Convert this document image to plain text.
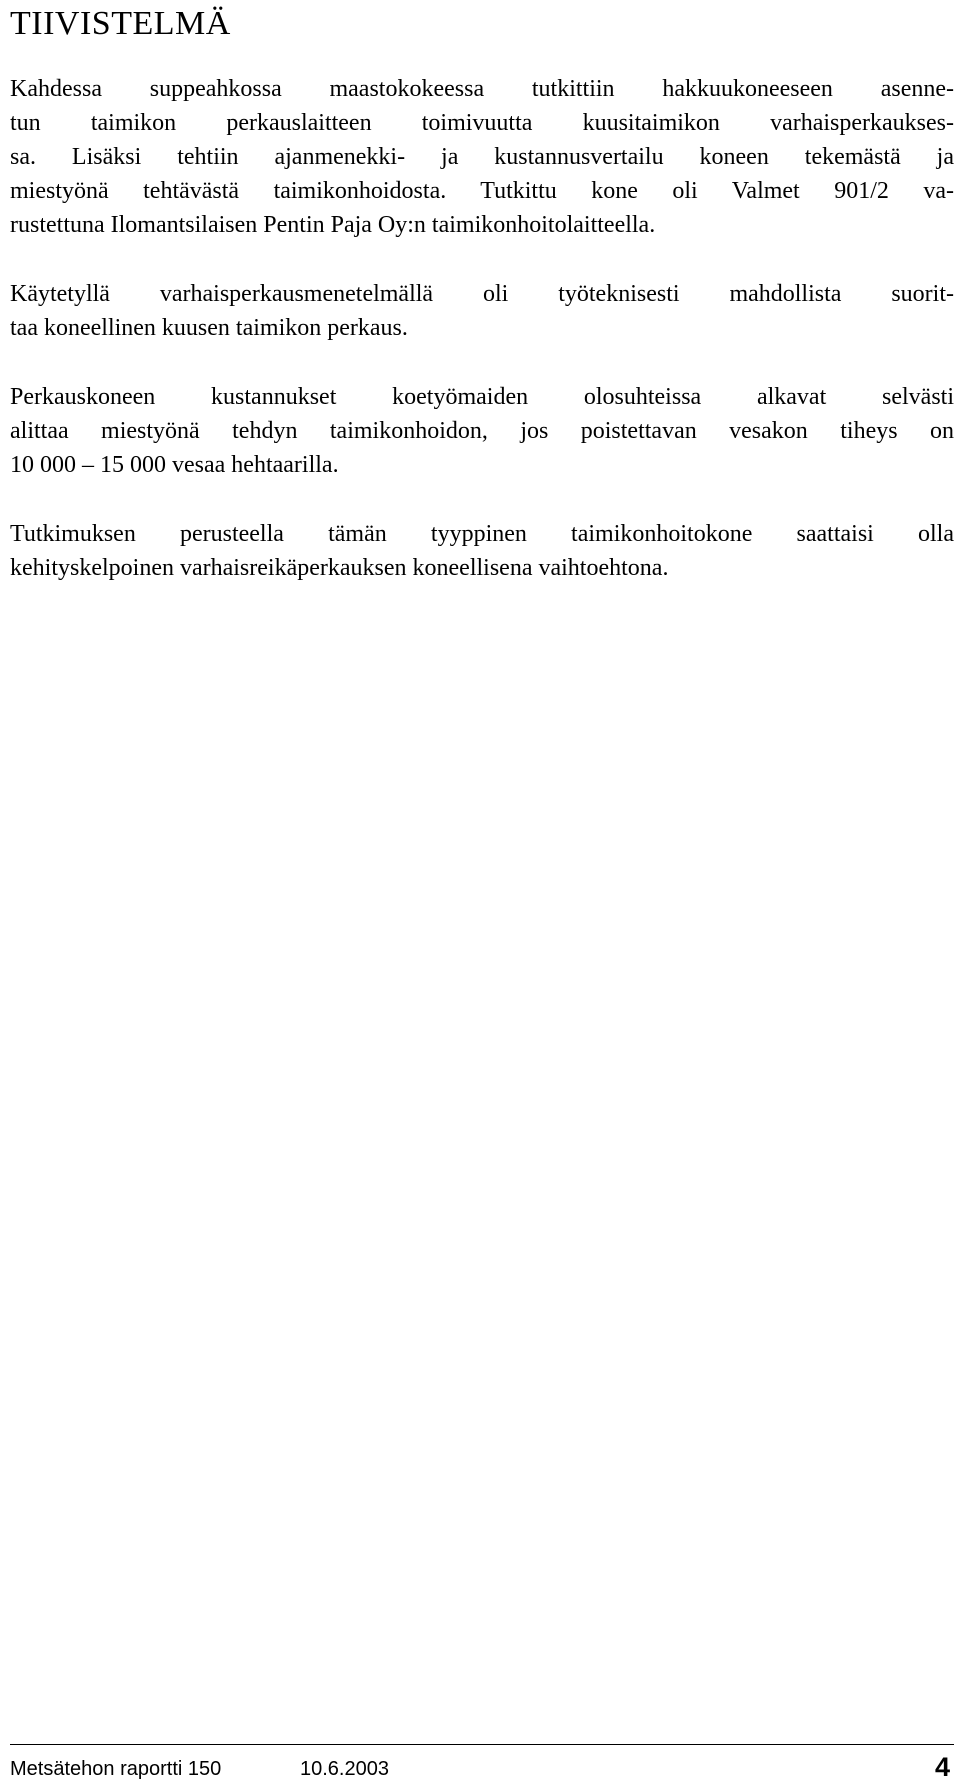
TIIVISTELMÄ

Kahdessa suppeahkossa maastokokeessa tutkittiin hakkuukoneeseen asenne-
tun taimikon perkauslaitteen toimivuutta kuusitaimikon varhaisperkaukses-
sa. Lisäksi tehtiin ajanmenekki- ja kustannusvertailu koneen tekemästä ja
miestyönä tehtävästä taimikonhoidosta. Tutkittu kone oli Valmet 901/2 va-
rustettuna Ilomantsilaisen Pentin Paja Oy:n taimikonhoitolaitteella.

Käytetyllä varhaisperkausmenetelmällä oli työteknisesti mahdollista suorit-
taa koneellinen kuusen taimikon perkaus.

Perkauskoneen kustannukset koetyömaiden olosuhteissa alkavat selvästi
alittaa miestyönä tehdyn taimikonhoidon, jos poistettavan vesakon tiheys on
10 000 – 15 000 vesaa hehtaarilla.

Tutkimuksen perusteella tämän tyyppinen taimikonhoitokone saattaisi olla
kehityskelpoinen varhaisreikäperkauksen koneellisena vaihtoehtona.

Metsätehon raportti 150	10.6.2003	4
